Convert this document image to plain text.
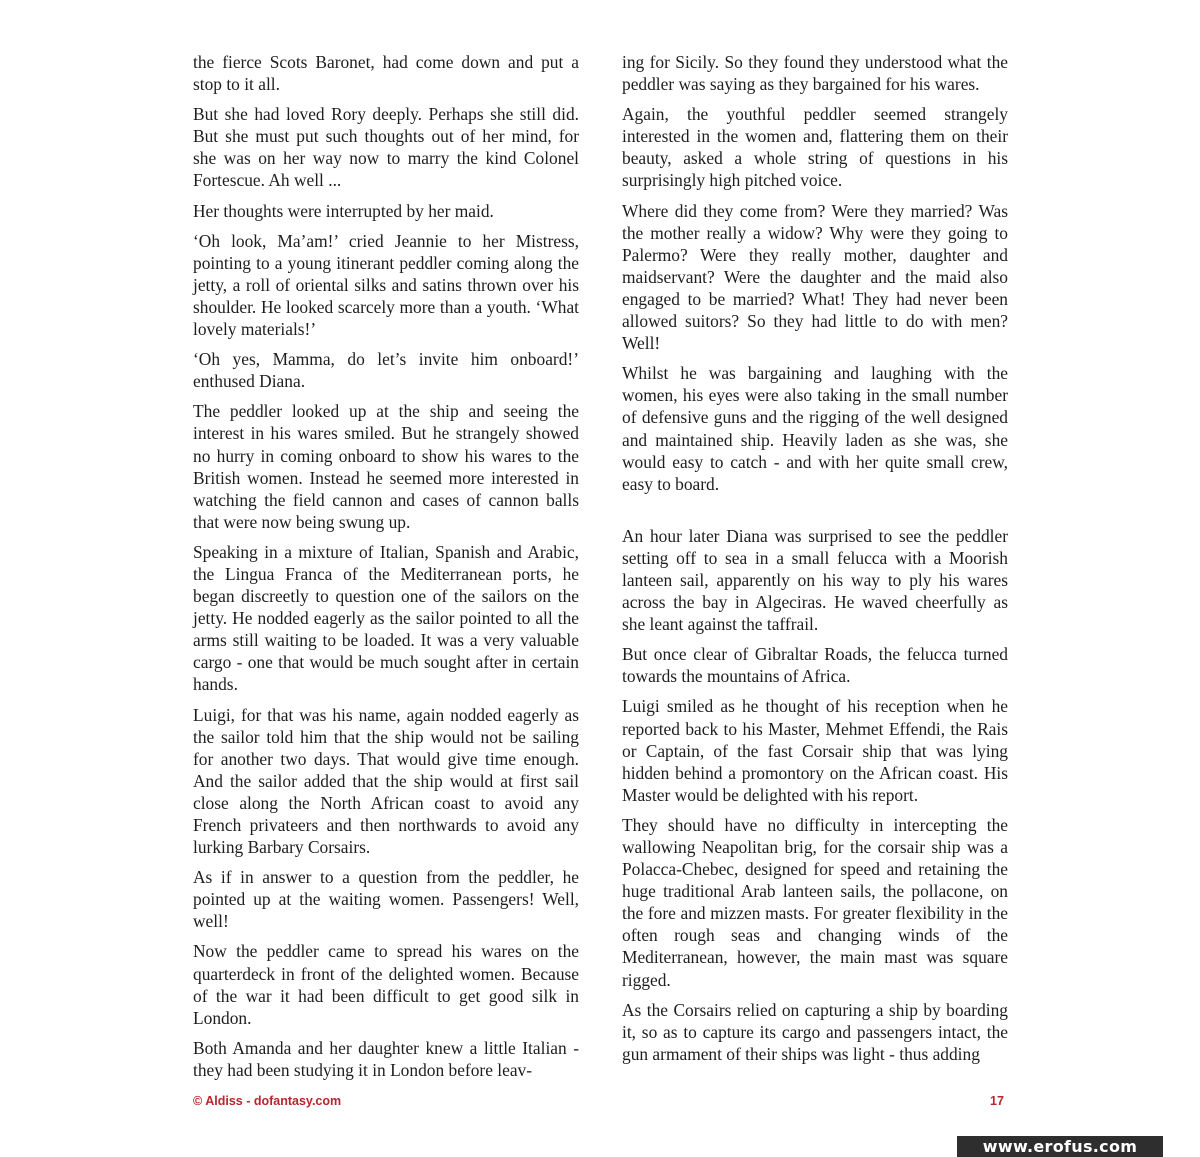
the fierce Scots Baronet, had come down and put a stop to it all.

But she had loved Rory deeply. Perhaps she still did. But she must put such thoughts out of her mind, for she was on her way now to marry the kind Colonel Fortescue. Ah well ...

Her thoughts were interrupted by her maid.

‘Oh look, Ma’am!’ cried Jeannie to her Mistress, pointing to a young itinerant peddler coming along the jetty, a roll of oriental silks and satins thrown over his shoulder. He looked scarcely more than a youth. ‘What lovely materials!’

‘Oh yes, Mamma, do let’s invite him onboard!’ enthused Diana.

The peddler looked up at the ship and seeing the interest in his wares smiled. But he strangely showed no hurry in coming onboard to show his wares to the British women. Instead he seemed more interested in watching the field cannon and cases of cannon balls that were now being swung up.

Speaking in a mixture of Italian, Spanish and Arabic, the Lingua Franca of the Mediterranean ports, he began discreetly to question one of the sailors on the jetty. He nodded eagerly as the sailor pointed to all the arms still waiting to be loaded. It was a very valuable cargo - one that would be much sought after in certain hands.

Luigi, for that was his name, again nodded eagerly as the sailor told him that the ship would not be sailing for another two days. That would give time enough. And the sailor added that the ship would at first sail close along the North African coast to avoid any French privateers and then northwards to avoid any lurking Barbary Corsairs.

As if in answer to a question from the peddler, he pointed up at the waiting women. Passengers! Well, well!

Now the peddler came to spread his wares on the quarterdeck in front of the delighted women. Because of the war it had been difficult to get good silk in London.

Both Amanda and her daughter knew a little Italian - they had been studying it in London before leav-

ing for Sicily. So they found they understood what the peddler was saying as they bargained for his wares.

Again, the youthful peddler seemed strangely interested in the women and, flattering them on their beauty, asked a whole string of questions in his surprisingly high pitched voice.

Where did they come from? Were they married? Was the mother really a widow? Why were they going to Palermo? Were they really mother, daughter and maidservant? Were the daughter and the maid also engaged to be married? What! They had never been allowed suitors? So they had little to do with men? Well!

Whilst he was bargaining and laughing with the women, his eyes were also taking in the small number of defensive guns and the rigging of the well designed and maintained ship. Heavily laden as she was, she would easy to catch - and with her quite small crew, easy to board.

An hour later Diana was surprised to see the peddler setting off to sea in a small felucca with a Moorish lanteen sail, apparently on his way to ply his wares across the bay in Algeciras. He waved cheerfully as she leant against the taffrail.

But once clear of Gibraltar Roads, the felucca turned towards the mountains of Africa.

Luigi smiled as he thought of his reception when he reported back to his Master, Mehmet Effendi, the Rais or Captain, of the fast Corsair ship that was lying hidden behind a promontory on the African coast. His Master would be delighted with his report.

They should have no difficulty in intercepting the wallowing Neapolitan brig, for the corsair ship was a Polacca-Chebec, designed for speed and retaining the huge traditional Arab lanteen sails, the pollacone, on the fore and mizzen masts. For greater flexibility in the often rough seas and changing winds of the Mediterranean, however, the main mast was square rigged.

As the Corsairs relied on capturing a ship by boarding it, so as to capture its cargo and passengers intact, the gun armament of their ships was light - thus adding

© Aldiss - dofantasy.com	17
www.erofus.com
